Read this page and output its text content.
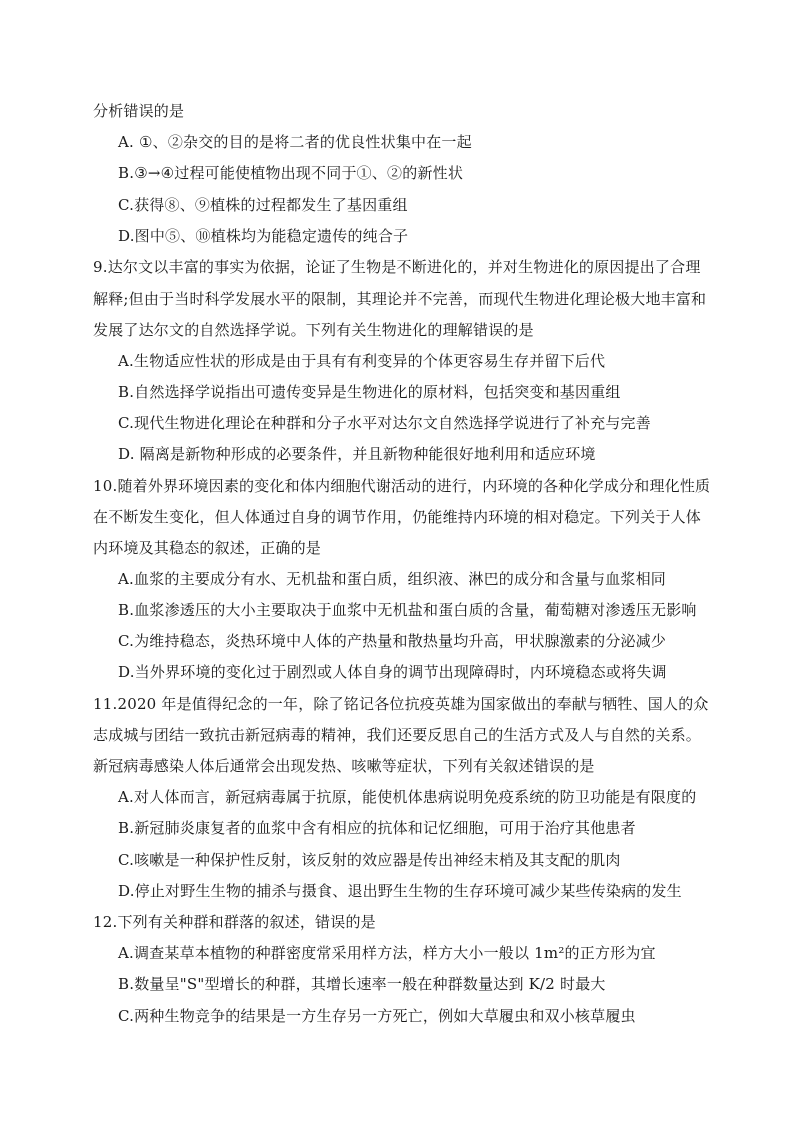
分析错误的是
A. ①、②杂交的目的是将二者的优良性状集中在一起
B.③→④过程可能使植物出现不同于①、②的新性状
C.获得⑧、⑨植株的过程都发生了基因重组
D.图中⑤、⑩植株均为能稳定遗传的纯合子
9.达尔文以丰富的事实为依据，论证了生物是不断进化的，并对生物进化的原因提出了合理
解释;但由于当时科学发展水平的限制，其理论并不完善，而现代生物进化理论极大地丰富和
发展了达尔文的自然选择学说。下列有关生物进化的理解错误的是
A.生物适应性状的形成是由于具有有利变异的个体更容易生存并留下后代
B.自然选择学说指出可遗传变异是生物进化的原材料，包括突变和基因重组
C.现代生物进化理论在种群和分子水平对达尔文自然选择学说进行了补充与完善
D. 隔离是新物种形成的必要条件，并且新物种能很好地利用和适应环境
10.随着外界环境因素的变化和体内细胞代谢活动的进行，内环境的各种化学成分和理化性质
在不断发生变化，但人体通过自身的调节作用，仍能维持内环境的相对稳定。下列关于人体
内环境及其稳态的叙述，正确的是
A.血浆的主要成分有水、无机盐和蛋白质，组织液、淋巴的成分和含量与血浆相同
B.血浆渗透压的大小主要取决于血浆中无机盐和蛋白质的含量，葡萄糖对渗透压无影响
C.为维持稳态，炎热环境中人体的产热量和散热量均升高，甲状腺激素的分泌减少
D.当外界环境的变化过于剧烈或人体自身的调节出现障碍时，内环境稳态或将失调
11.2020 年是值得纪念的一年，除了铭记各位抗疫英雄为国家做出的奉献与牺牲、国人的众
志成城与团结一致抗击新冠病毒的精神，我们还要反思自己的生活方式及人与自然的关系。
新冠病毒感染人体后通常会出现发热、咳嗽等症状，下列有关叙述错误的是
A.对人体而言，新冠病毒属于抗原，能使机体患病说明免疫系统的防卫功能是有限度的
B.新冠肺炎康复者的血浆中含有相应的抗体和记忆细胞，可用于治疗其他患者
C.咳嗽是一种保护性反射，该反射的效应器是传出神经末梢及其支配的肌肉
D.停止对野生生物的捕杀与摄食、退出野生生物的生存环境可减少某些传染病的发生
12.下列有关种群和群落的叙述，错误的是
A.调查某草本植物的种群密度常采用样方法，样方大小一般以 1m²的正方形为宜
B.数量呈"S"型增长的种群，其增长速率一般在种群数量达到 K/2 时最大
C.两种生物竞争的结果是一方生存另一方死亡，例如大草履虫和双小核草履虫
